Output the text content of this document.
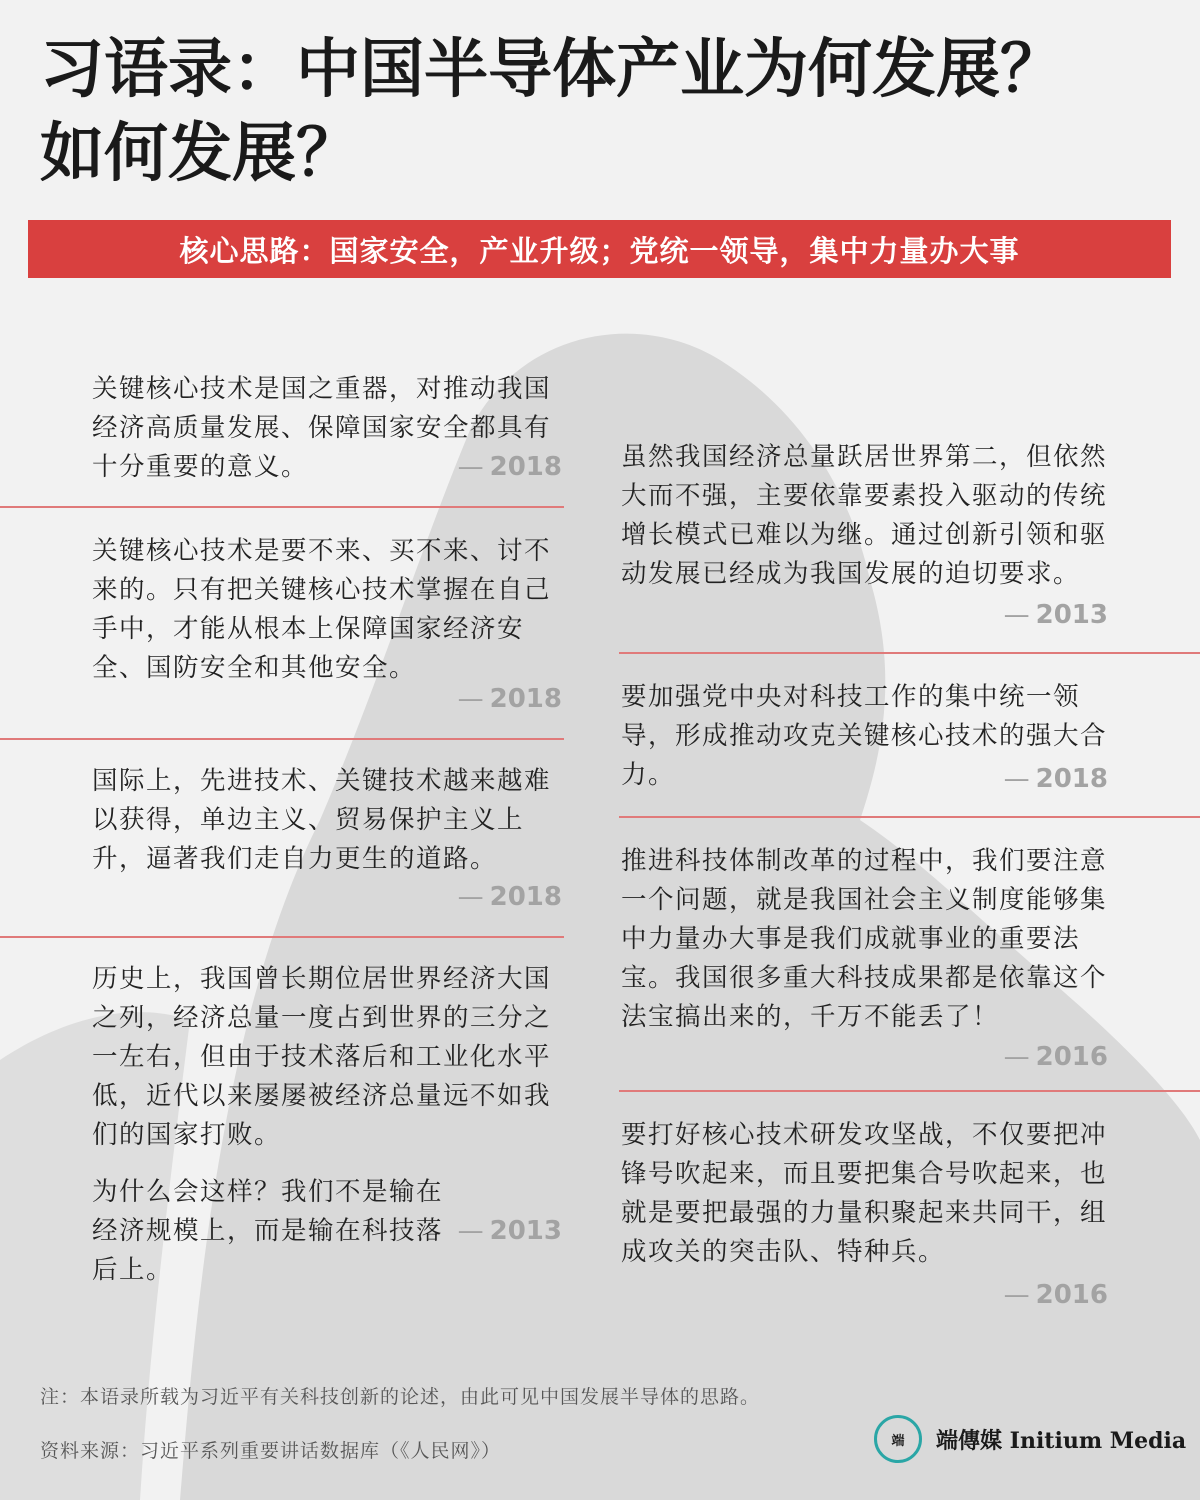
习语录：中国半导体产业为何发展？
如何发展？
核心思路：国家安全，产业升级；党统一领导，集中力量办大事

关键核心技术是国之重器，对推动我国经济高质量发展、保障国家安全都具有十分重要的意义。	— 2018

关键核心技术是要不来、买不来、讨不来的。只有把关键核心技术掌握在自己手中，才能从根本上保障国家经济安全、国防安全和其他安全。

— 2018

国际上，先进技术、关键技术越来越难以获得，单边主义、贸易保护主义上升，逼著我们走自力更生的道路。

— 2018

历史上，我国曾长期位居世界经济大国之列，经济总量一度占到世界的三分之一左右，但由于技术落后和工业化水平低，近代以来屡屡被经济总量远不如我们的国家打败。

为什么会这样？我们不是输在经济规模上，而是输在科技落后上。

— 2013

虽然我国经济总量跃居世界第二，但依然大而不强，主要依靠要素投入驱动的传统增长模式已难以为继。通过创新引领和驱动发展已经成为我国发展的迫切要求。

— 2013

要加强党中央对科技工作的集中统一领导，形成推动攻克关键核心技术的强大合力。	— 2018

推进科技体制改革的过程中，我们要注意一个问题，就是我国社会主义制度能够集中力量办大事是我们成就事业的重要法宝。我国很多重大科技成果都是依靠这个法宝搞出来的，千万不能丢了！

— 2016

要打好核心技术研发攻坚战，不仅要把冲锋号吹起来，而且要把集合号吹起来，也就是要把最强的力量积聚起来共同干，组成攻关的突击队、特种兵。

— 2016
注：本语录所载为习近平有关科技创新的论述，由此可见中国发展半导体的思路。
资料来源：习近平系列重要讲话数据库（《人民网》）	端	端傳媒 Initium Media
